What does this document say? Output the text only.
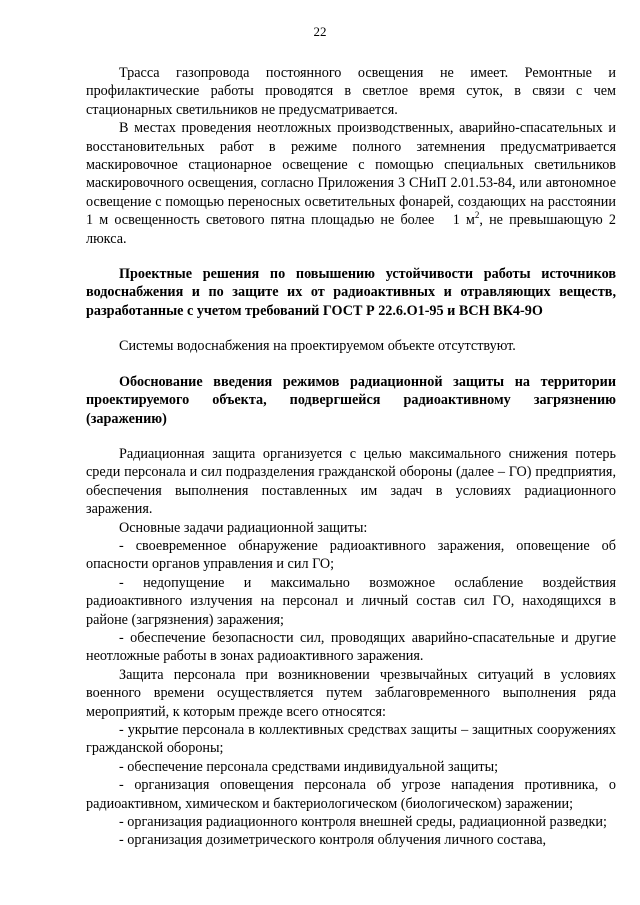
22

Трасса газопровода постоянного освещения не имеет. Ремонтные и профилактические работы проводятся в светлое время суток, в связи с чем стационарных светильников не предусматривается.

В местах проведения неотложных производственных, аварийно-спасательных и восстановительных работ в режиме полного затемнения предусматривается маскировочное стационарное освещение с помощью специальных светильников маскировочного освещения, согласно Приложения 3 СНиП 2.01.53-84, или автономное освещение с помощью переносных осветительных фонарей, создающих на расстоянии 1 м освещенность светового пятна площадью не более 1 $м^2$, не превышающую 2 люкса.

Проектные решения по повышению устойчивости работы источников водоснабжения и по защите их от радиоактивных и отравляющих веществ, разработанные с учетом требований ГОСТ Р 22.6.О1-95 и ВСН ВК4-9О

Системы водоснабжения на проектируемом объекте отсутствуют.

Обоснование введения режимов радиационной защиты на территории проектируемого объекта, подвергшейся радиоактивному загрязнению (заражению)

Радиационная защита организуется с целью максимального снижения потерь среди персонала и сил подразделения гражданской обороны (далее – ГО) предприятия, обеспечения выполнения поставленных им задач в условиях радиационного заражения.

Основные задачи радиационной защиты:

- своевременное обнаружение радиоактивного заражения, оповещение об опасности органов управления и сил ГО;

- недопущение и максимально возможное ослабление воздействия радиоактивного излучения на персонал и личный состав сил ГО, находящихся в районе (загрязнения) заражения;

- обеспечение безопасности сил, проводящих аварийно-спасательные и другие неотложные работы в зонах радиоактивного заражения.

Защита персонала при возникновении чрезвычайных ситуаций в условиях военного времени осуществляется путем заблаговременного выполнения ряда мероприятий, к которым прежде всего относятся:

- укрытие персонала в коллективных средствах защиты – защитных сооружениях гражданской обороны;

- обеспечение персонала средствами индивидуальной защиты;

- организация оповещения персонала об угрозе нападения противника, о радиоактивном, химическом и бактериологическом (биологическом) заражении;

- организация радиационного контроля внешней среды, радиационной разведки;

- организация дозиметрического контроля облучения личного состава,
